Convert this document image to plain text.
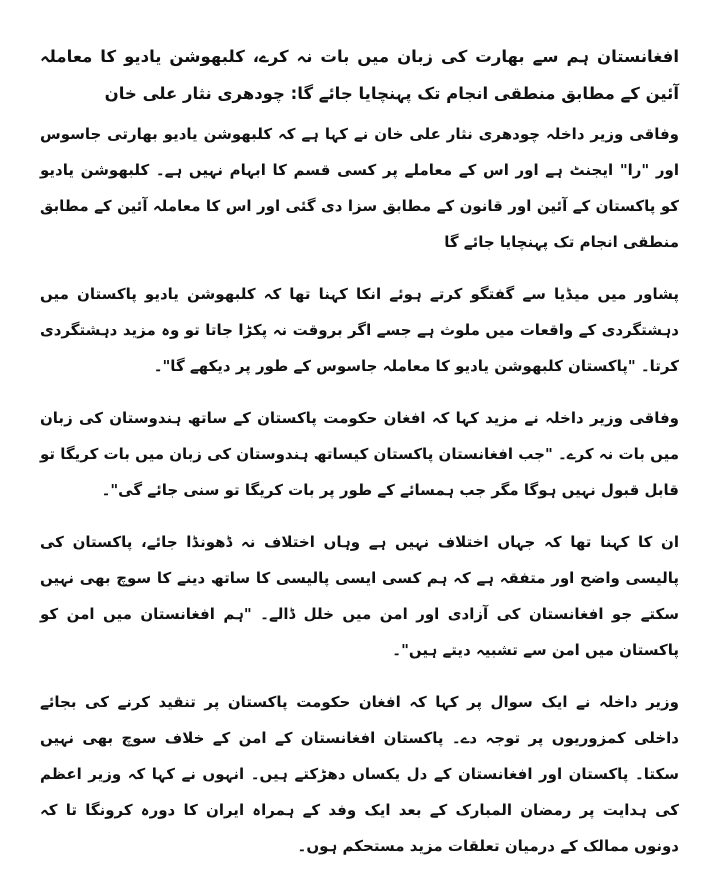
افغانستان ہم سے بھارت کی زبان میں بات نہ کرے، کلبھوشن یادیو کا معاملہ آئین کے مطابق منطقی انجام تک پہنچایا جائے گا: چودھری نثار علی خان

وفاقی وزیر داخلہ چودھری نثار علی خان نے کہا ہے کہ کلبھوشن یادیو بھارتی جاسوس اور "را" ایجنٹ ہے اور اس کے معاملے پر کسی قسم کا ابہام نہیں ہے۔ کلبھوشن یادیو کو پاکستان کے آئین اور قانون کے مطابق سزا دی گئی اور اس کا معاملہ آئین کے مطابق منطقی انجام تک پہنچایا جائے گا

پشاور میں میڈیا سے گفتگو کرتے ہوئے انکا کہنا تھا کہ کلبھوشن یادیو پاکستان میں دہشتگردی کے واقعات میں ملوث ہے جسے اگر بروقت نہ پکڑا جاتا تو وہ مزید دہشتگردی کرتا۔ "پاکستان کلبھوشن یادیو کا معاملہ جاسوس کے طور پر دیکھے گا"۔

وفاقی وزیر داخلہ نے مزید کہا کہ افغان حکومت پاکستان کے ساتھ ہندوستان کی زبان میں بات نہ کرے۔ "جب افغانستان پاکستان کیساتھ ہندوستان کی زبان میں بات کریگا تو قابل قبول نہیں ہوگا مگر جب ہمسائے کے طور پر بات کریگا تو سنی جائے گی"۔

ان کا کہنا تھا کہ جہاں اختلاف نہیں ہے وہاں اختلاف نہ ڈھونڈا جائے، پاکستان کی پالیسی واضح اور متفقہ ہے کہ ہم کسی ایسی پالیسی کا ساتھ دینے کا سوچ بھی نہیں سکتے جو افغانستان کی آزادی اور امن میں خلل ڈالے۔ "ہم افغانستان میں امن کو پاکستان میں امن سے تشبیہ دیتے ہیں"۔

وزیر داخلہ نے ایک سوال پر کہا کہ افغان حکومت پاکستان پر تنقید کرنے کی بجائے داخلی کمزوریوں پر توجہ دے۔ پاکستان افغانستان کے امن کے خلاف سوچ بھی نہیں سکتا۔ پاکستان اور افغانستان کے دل یکساں دھڑکتے ہیں۔ انہوں نے کہا کہ وزیر اعظم کی ہدایت پر رمضان المبارک کے بعد ایک وفد کے ہمراہ ایران کا دورہ کرونگا تا کہ دونوں ممالک کے درمیان تعلقات مزید مستحکم ہوں۔
